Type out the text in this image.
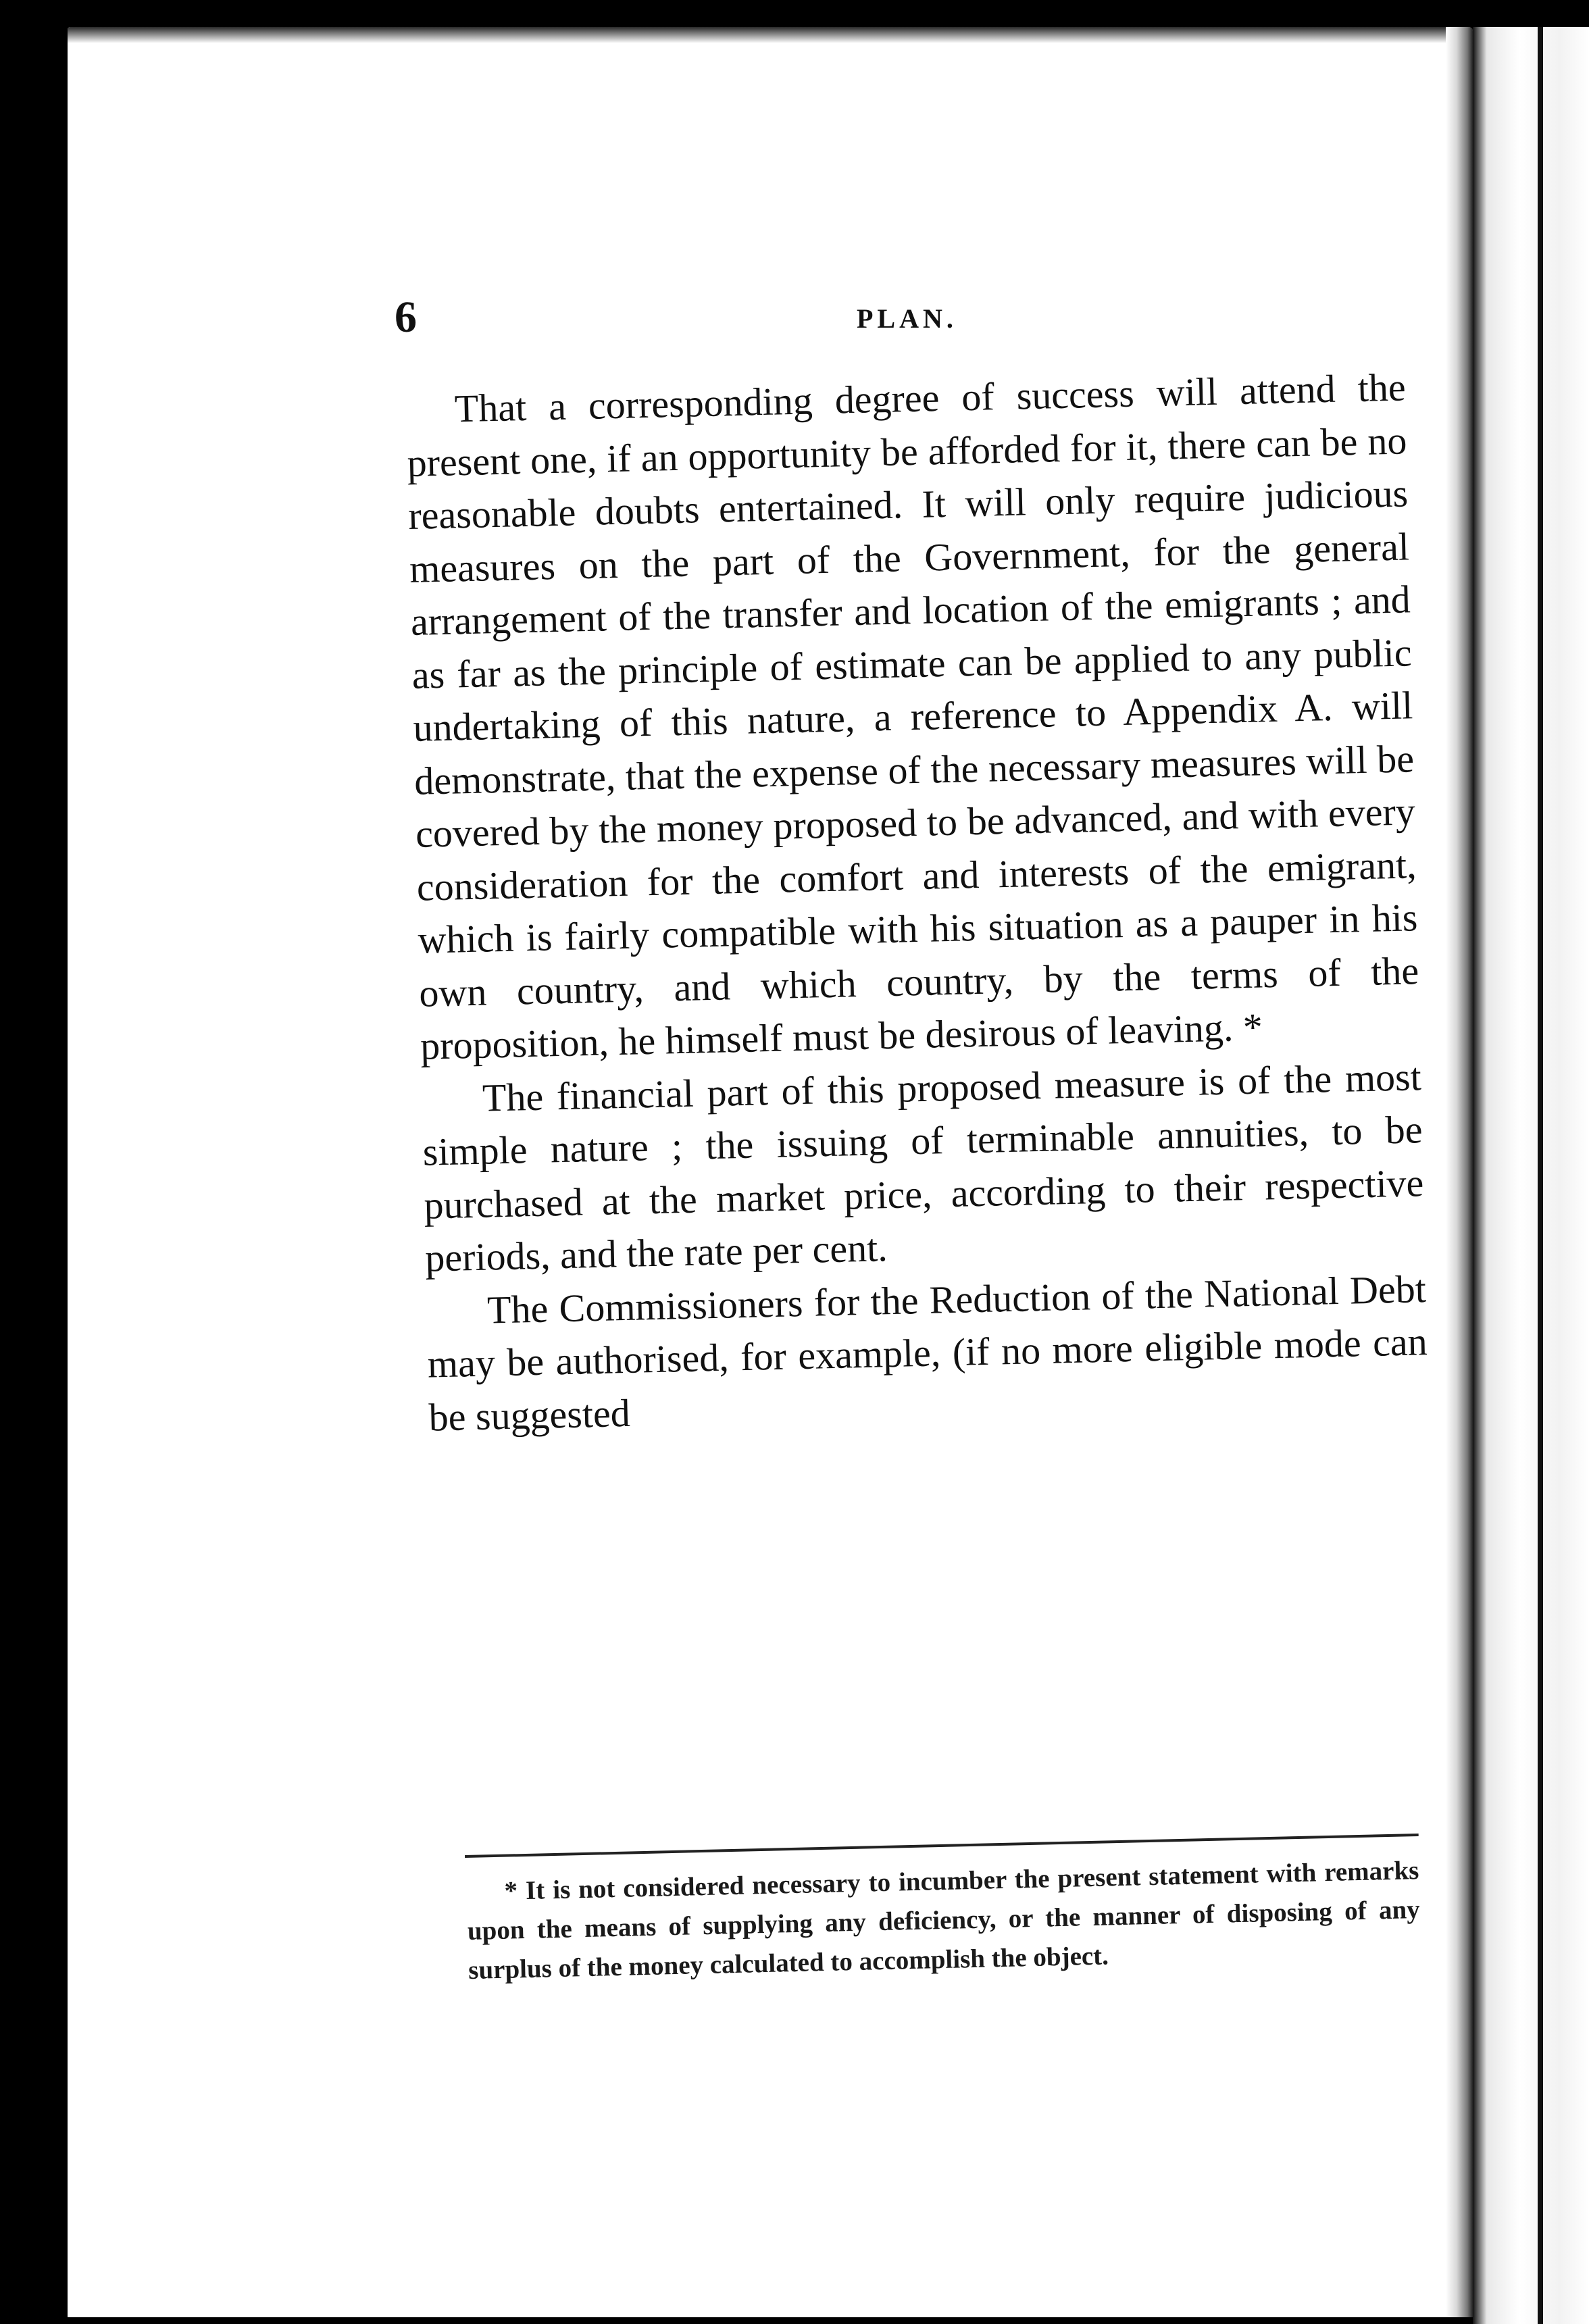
6	PLAN.

That a corresponding degree of success will attend the present one, if an opportunity be afforded for it, there can be no reasonable doubts entertained. It will only require judicious measures on the part of the Government, for the general arrangement of the transfer and location of the emigrants ; and as far as the principle of estimate can be applied to any public undertaking of this nature, a reference to Appendix A. will demonstrate, that the expense of the necessary measures will be covered by the money proposed to be advanced, and with every consideration for the comfort and interests of the emigrant, which is fairly compatible with his situation as a pauper in his own country, and which country, by the terms of the proposition, he himself must be desirous of leaving. *

The financial part of this proposed measure is of the most simple nature ; the issuing of terminable annuities, to be purchased at the market price, according to their respective periods, and the rate per cent.

The Commissioners for the Reduction of the National Debt may be authorised, for example, (if no more eligible mode can be suggested

* It is not considered necessary to incumber the present statement with remarks upon the means of supplying any deficiency, or the manner of disposing of any surplus of the money calculated to accomplish the object.
